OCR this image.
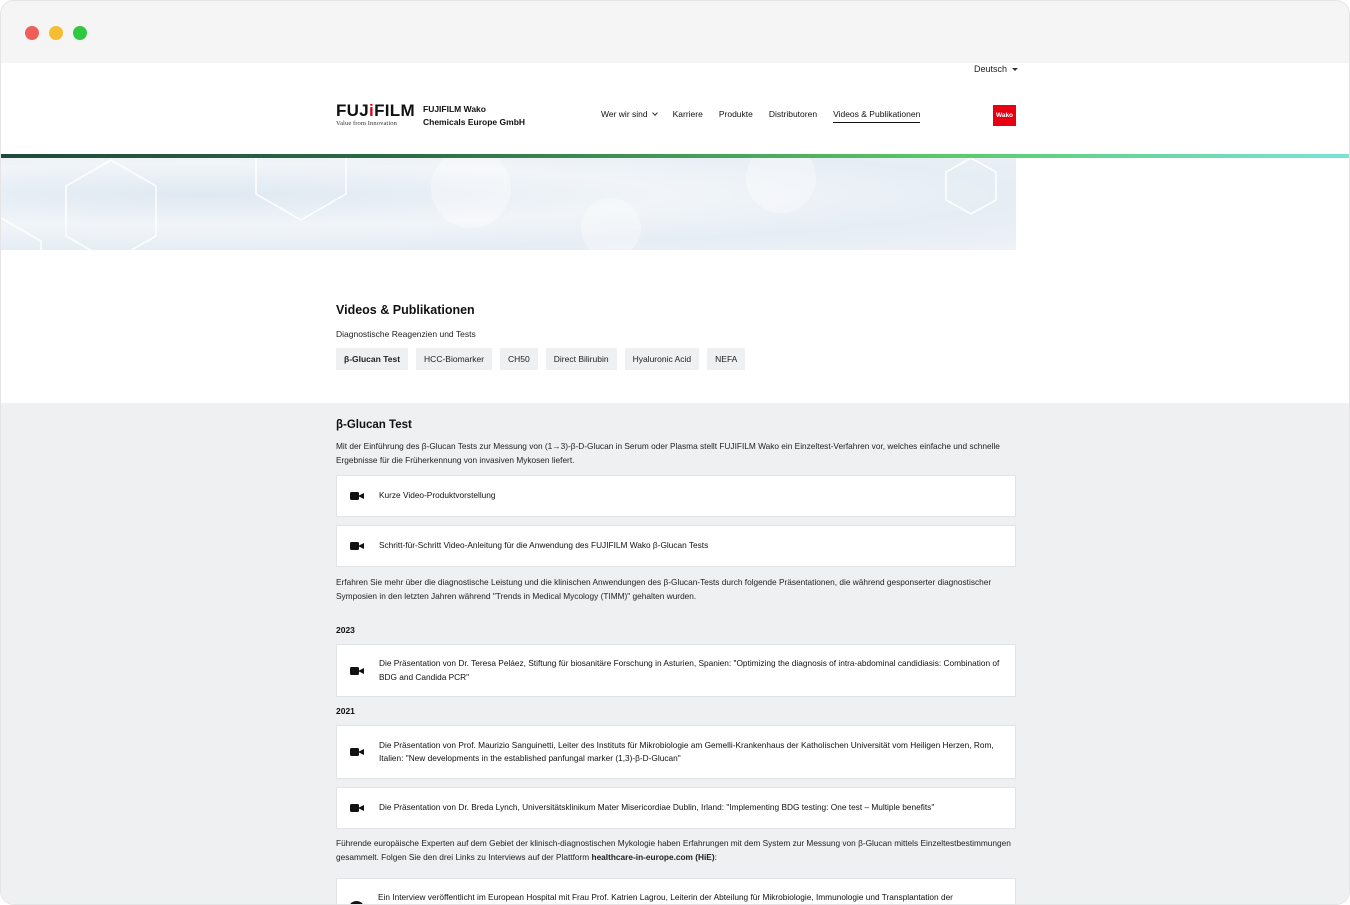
Deutsch
FUJiFILM
Value from Innovation
FUJIFILM Wako
Chemicals Europe GmbH
Wer wir sind	Karriere Produkte Distributoren Videos & Publikationen	Wako
Videos & Publikationen
Diagnostische Reagenzien und Tests
β-Glucan Test	HCC-Biomarker	CH50	Direct Bilirubin	Hyaluronic Acid	NEFA
β-Glucan Test
Mit der Einführung des β-Glucan Tests zur Messung von (1→3)-β-D-Glucan in Serum oder Plasma stellt FUJIFILM Wako ein Einzeltest-Verfahren vor, welches einfache und schnelle Ergebnisse für die Früherkennung von invasiven Mykosen liefert.
Kurze Video-Produktvorstellung
Schritt-für-Schritt Video-Anleitung für die Anwendung des FUJIFILM Wako β-Glucan Tests
Erfahren Sie mehr über die diagnostische Leistung und die klinischen Anwendungen des β-Glucan-Tests durch folgende Präsentationen, die während gesponserter diagnostischer Symposien in den letzten Jahren während "Trends in Medical Mycology (TIMM)" gehalten wurden.
2023
Die Präsentation von Dr. Teresa Peláez, Stiftung für biosanitäre Forschung in Asturien, Spanien: "Optimizing the diagnosis of intra-abdominal candidiasis: Combination of BDG and Candida PCR"
2021
Die Präsentation von Prof. Maurizio Sanguinetti, Leiter des Instituts für Mikrobiologie am Gemelli-Krankenhaus der Katholischen Universität vom Heiligen Herzen, Rom, Italien: "New developments in the established panfungal marker (1,3)-β-D-Glucan"
Die Präsentation von Dr. Breda Lynch, Universitätsklinikum Mater Misericordiae Dublin, Irland: "Implementing BDG testing: One test – Multiple benefits"
Führende europäische Experten auf dem Gebiet der klinisch-diagnostischen Mykologie haben Erfahrungen mit dem System zur Messung von β-Glucan mittels Einzeltestbestimmungen gesammelt. Folgen Sie den drei Links zu Interviews auf der Plattform healthcare-in-europe.com (HiE):
Ein Interview veröffentlicht im European Hospital mit Frau Prof. Katrien Lagrou, Leiterin der Abteilung für Mikrobiologie, Immunologie und Transplantation der
